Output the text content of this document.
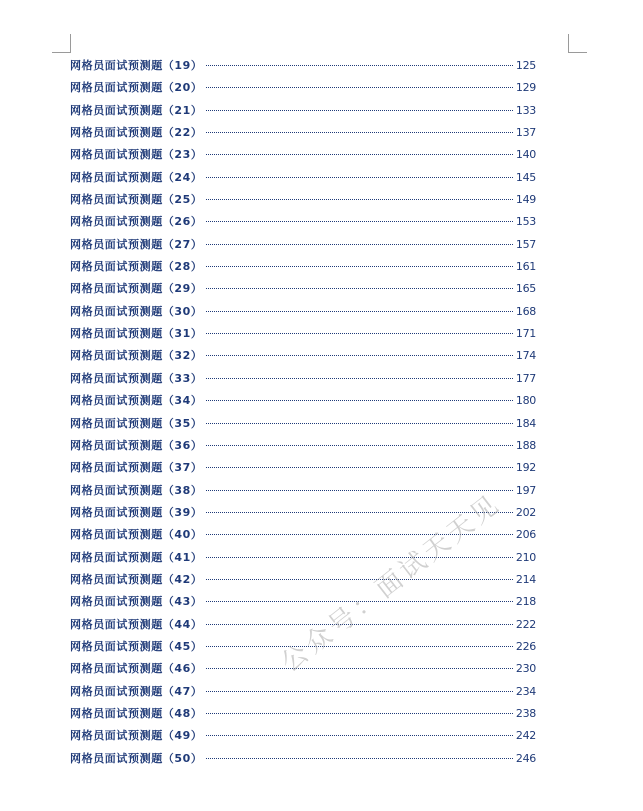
网格员面试预测题（19）	125
网格员面试预测题（20）	129
网格员面试预测题（21）	133
网格员面试预测题（22）	137
网格员面试预测题（23）	140
网格员面试预测题（24）	145
网格员面试预测题（25）	149
网格员面试预测题（26）	153
网格员面试预测题（27）	157
网格员面试预测题（28）	161
网格员面试预测题（29）	165
网格员面试预测题（30）	168
网格员面试预测题（31）	171
网格员面试预测题（32）	174
网格员面试预测题（33）	177
网格员面试预测题（34）	180
网格员面试预测题（35）	184
网格员面试预测题（36）	188
网格员面试预测题（37）	192
网格员面试预测题（38）	197
网格员面试预测题（39）	202
网格员面试预测题（40）	206
网格员面试预测题（41）	210
网格员面试预测题（42）	214
网格员面试预测题（43）	218
网格员面试预测题（44）	222
网格员面试预测题（45）	226
网格员面试预测题（46）	230
网格员面试预测题（47）	234
网格员面试预测题（48）	238
网格员面试预测题（49）	242
网格员面试预测题（50）	246
公众号：面试天天见
